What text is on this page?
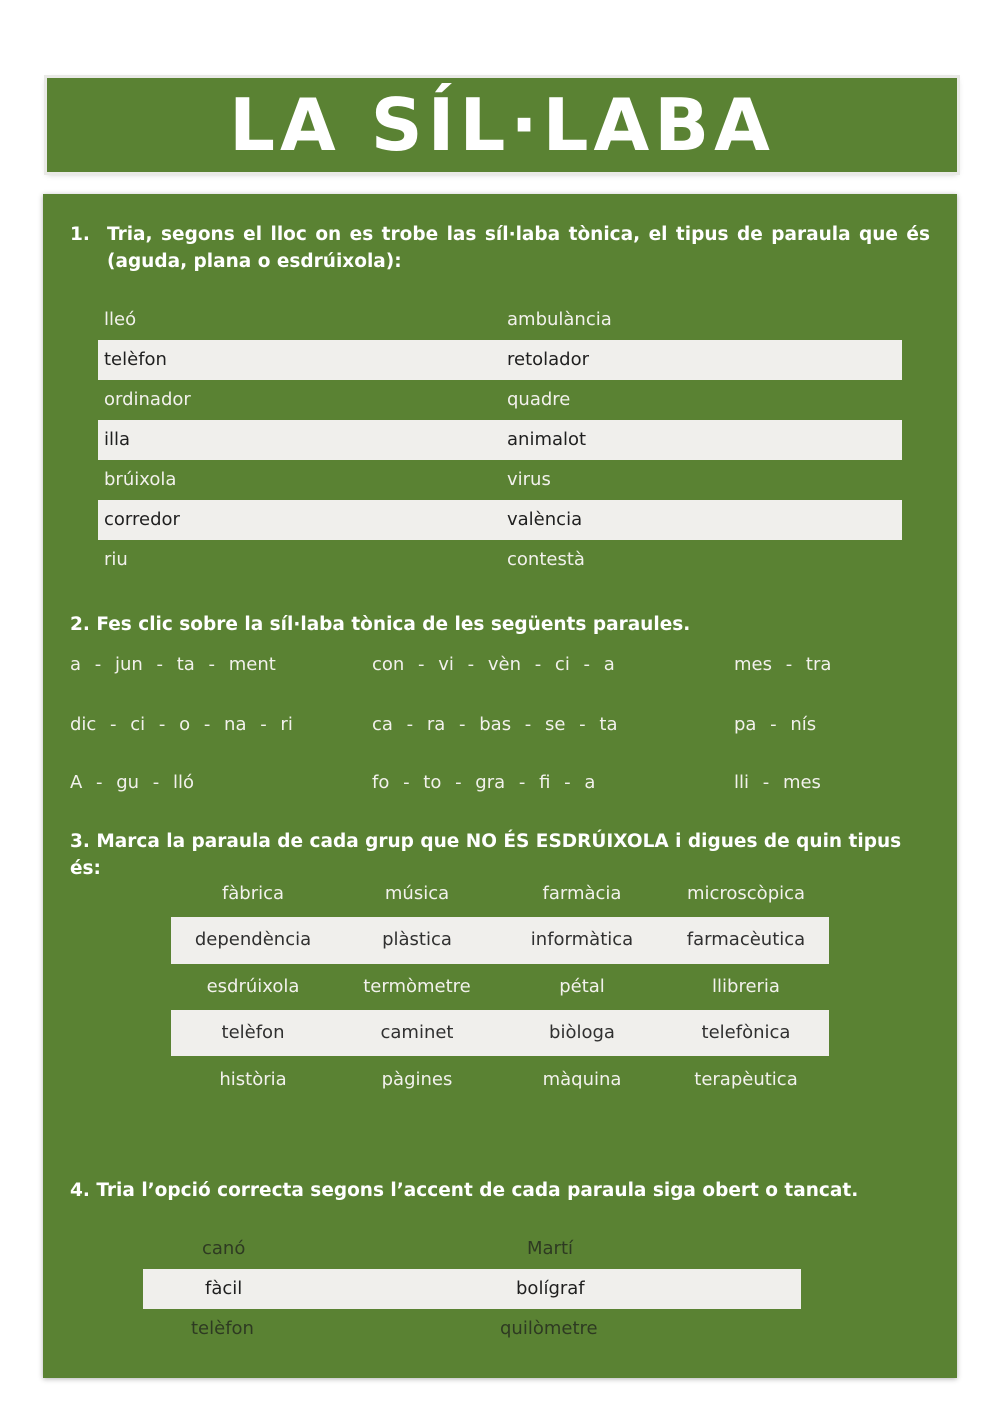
LA SÍL·LABA
1. Tria, segons el lloc on es trobe las síl·laba tònica, el tipus de paraula que és (aguda, plana o esdrúixola):
lleó	ambulància
telèfon	retolador
ordinador	quadre
illa	animalot
brúixola	virus
corredor	valència
riu	contestà
2. Fes clic sobre la síl·laba tònica de les següents paraules.
a - jun - ta - ment	con - vi - vèn - ci - a	mes - tra
dic - ci - o - na - ri	ca - ra - bas - se - ta	pa - nís
A - gu - lló	fo - to - gra - fi - a	lli - mes
3. Marca la paraula de cada grup que NO ÉS ESDRÚIXOLA i digues de quin tipus és:
fàbrica	música	farmàcia	microscòpica
dependència	plàstica	informàtica	farmacèutica
esdrúixola	termòmetre	pétal	llibreria
telèfon	caminet	biòloga	telefònica
història	pàgines	màquina	terapèutica
4. Tria l’opció correcta segons l’accent de cada paraula siga obert o tancat.
canó	Martí
fàcil	bolígraf
telèfon	quilòmetre
